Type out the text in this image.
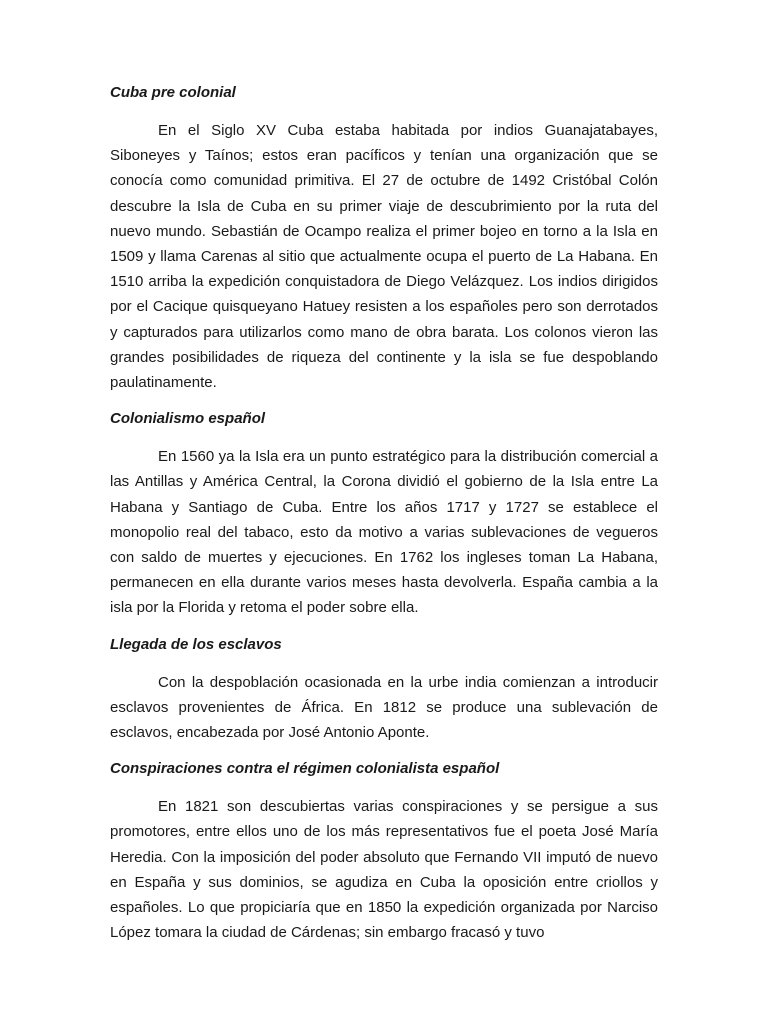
Cuba pre colonial

En el Siglo XV Cuba estaba habitada por indios Guanajatabayes, Siboneyes y Taínos; estos eran pacíficos y tenían una organización que se conocía como comunidad primitiva. El 27 de octubre de 1492 Cristóbal Colón descubre la Isla de Cuba en su primer viaje de descubrimiento por la ruta del nuevo mundo. Sebastián de Ocampo realiza el primer bojeo en torno a la Isla en 1509 y llama Carenas al sitio que actualmente ocupa el puerto de La Habana. En 1510 arriba la expedición conquistadora de Diego Velázquez. Los indios dirigidos por el Cacique quisqueyano Hatuey resisten a los españoles pero son derrotados y capturados para utilizarlos como mano de obra barata. Los colonos vieron las grandes posibilidades de riqueza del continente y la isla se fue despoblando paulatinamente.

Colonialismo español

En 1560 ya la Isla era un punto estratégico para la distribución comercial a las Antillas y América Central, la Corona dividió el gobierno de la Isla entre La Habana y Santiago de Cuba. Entre los años 1717 y 1727 se establece el monopolio real del tabaco, esto da motivo a varias sublevaciones de vegueros con saldo de muertes y ejecuciones. En 1762 los ingleses toman La Habana, permanecen en ella durante varios meses hasta devolverla. España cambia a la isla por la Florida y retoma el poder sobre ella.

Llegada de los esclavos

Con la despoblación ocasionada en la urbe india comienzan a introducir esclavos provenientes de África. En 1812 se produce una sublevación de esclavos, encabezada por José Antonio Aponte.

Conspiraciones contra el régimen colonialista español

En 1821 son descubiertas varias conspiraciones y se persigue a sus promotores, entre ellos uno de los más representativos fue el poeta José María Heredia. Con la imposición del poder absoluto que Fernando VII imputó de nuevo en España y sus dominios, se agudiza en Cuba la oposición entre criollos y españoles. Lo que propiciaría que en 1850 la expedición organizada por Narciso López tomara la ciudad de Cárdenas; sin embargo fracasó y tuvo
